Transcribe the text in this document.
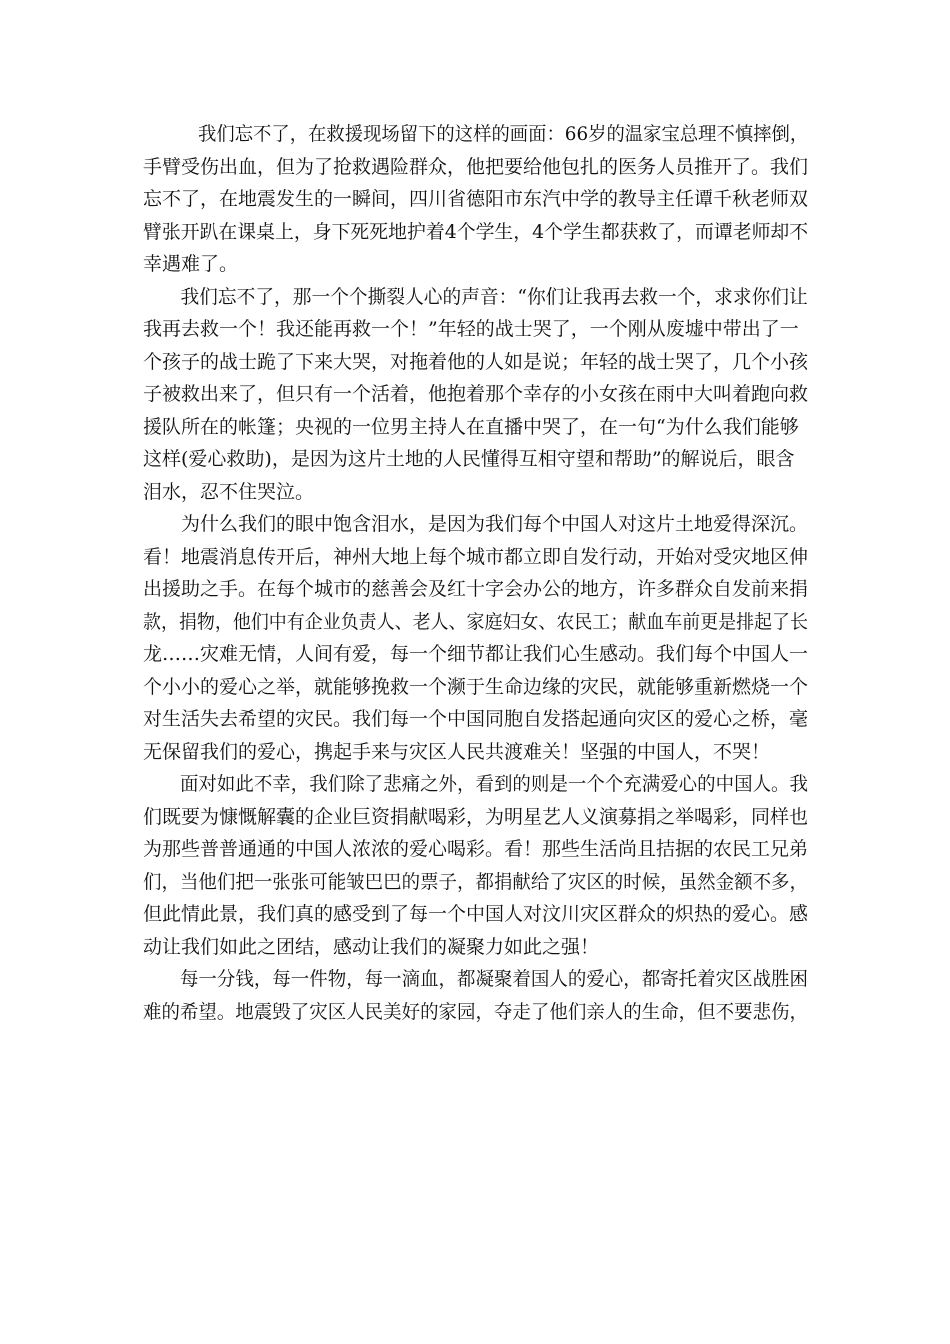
　我们忘不了，在救援现场留下的这样的画面：66岁的温家宝总理不慎摔倒，
手臂受伤出血，但为了抢救遇险群众，他把要给他包扎的医务人员推开了。我们
忘不了，在地震发生的一瞬间，四川省德阳市东汽中学的教导主任谭千秋老师双
臂张开趴在课桌上，身下死死地护着4个学生，4个学生都获救了，而谭老师却不
幸遇难了。
我们忘不了，那一个个撕裂人心的声音：“你们让我再去救一个，求求你们让
我再去救一个！我还能再救一个！”年轻的战士哭了，一个刚从废墟中带出了一
个孩子的战士跪了下来大哭，对拖着他的人如是说；年轻的战士哭了，几个小孩
子被救出来了，但只有一个活着，他抱着那个幸存的小女孩在雨中大叫着跑向救
援队所在的帐篷；央视的一位男主持人在直播中哭了，在一句“为什么我们能够
这样(爱心救助)，是因为这片土地的人民懂得互相守望和帮助”的解说后，眼含
泪水，忍不住哭泣。
为什么我们的眼中饱含泪水，是因为我们每个中国人对这片土地爱得深沉。
看！地震消息传开后，神州大地上每个城市都立即自发行动，开始对受灾地区伸
出援助之手。在每个城市的慈善会及红十字会办公的地方，许多群众自发前来捐
款，捐物，他们中有企业负责人、老人、家庭妇女、农民工；献血车前更是排起了长
龙……灾难无情，人间有爱，每一个细节都让我们心生感动。我们每个中国人一
个小小的爱心之举，就能够挽救一个濒于生命边缘的灾民，就能够重新燃烧一个
对生活失去希望的灾民。我们每一个中国同胞自发搭起通向灾区的爱心之桥，毫
无保留我们的爱心，携起手来与灾区人民共渡难关！坚强的中国人，不哭！
面对如此不幸，我们除了悲痛之外，看到的则是一个个充满爱心的中国人。我
们既要为慷慨解囊的企业巨资捐献喝彩，为明星艺人义演募捐之举喝彩，同样也
为那些普普通通的中国人浓浓的爱心喝彩。看！那些生活尚且拮据的农民工兄弟
们，当他们把一张张可能皱巴巴的票子，都捐献给了灾区的时候，虽然金额不多，
但此情此景，我们真的感受到了每一个中国人对汶川灾区群众的炽热的爱心。感
动让我们如此之团结，感动让我们的凝聚力如此之强！
每一分钱，每一件物，每一滴血，都凝聚着国人的爱心，都寄托着灾区战胜困
难的希望。地震毁了灾区人民美好的家园，夺走了他们亲人的生命，但不要悲伤，
